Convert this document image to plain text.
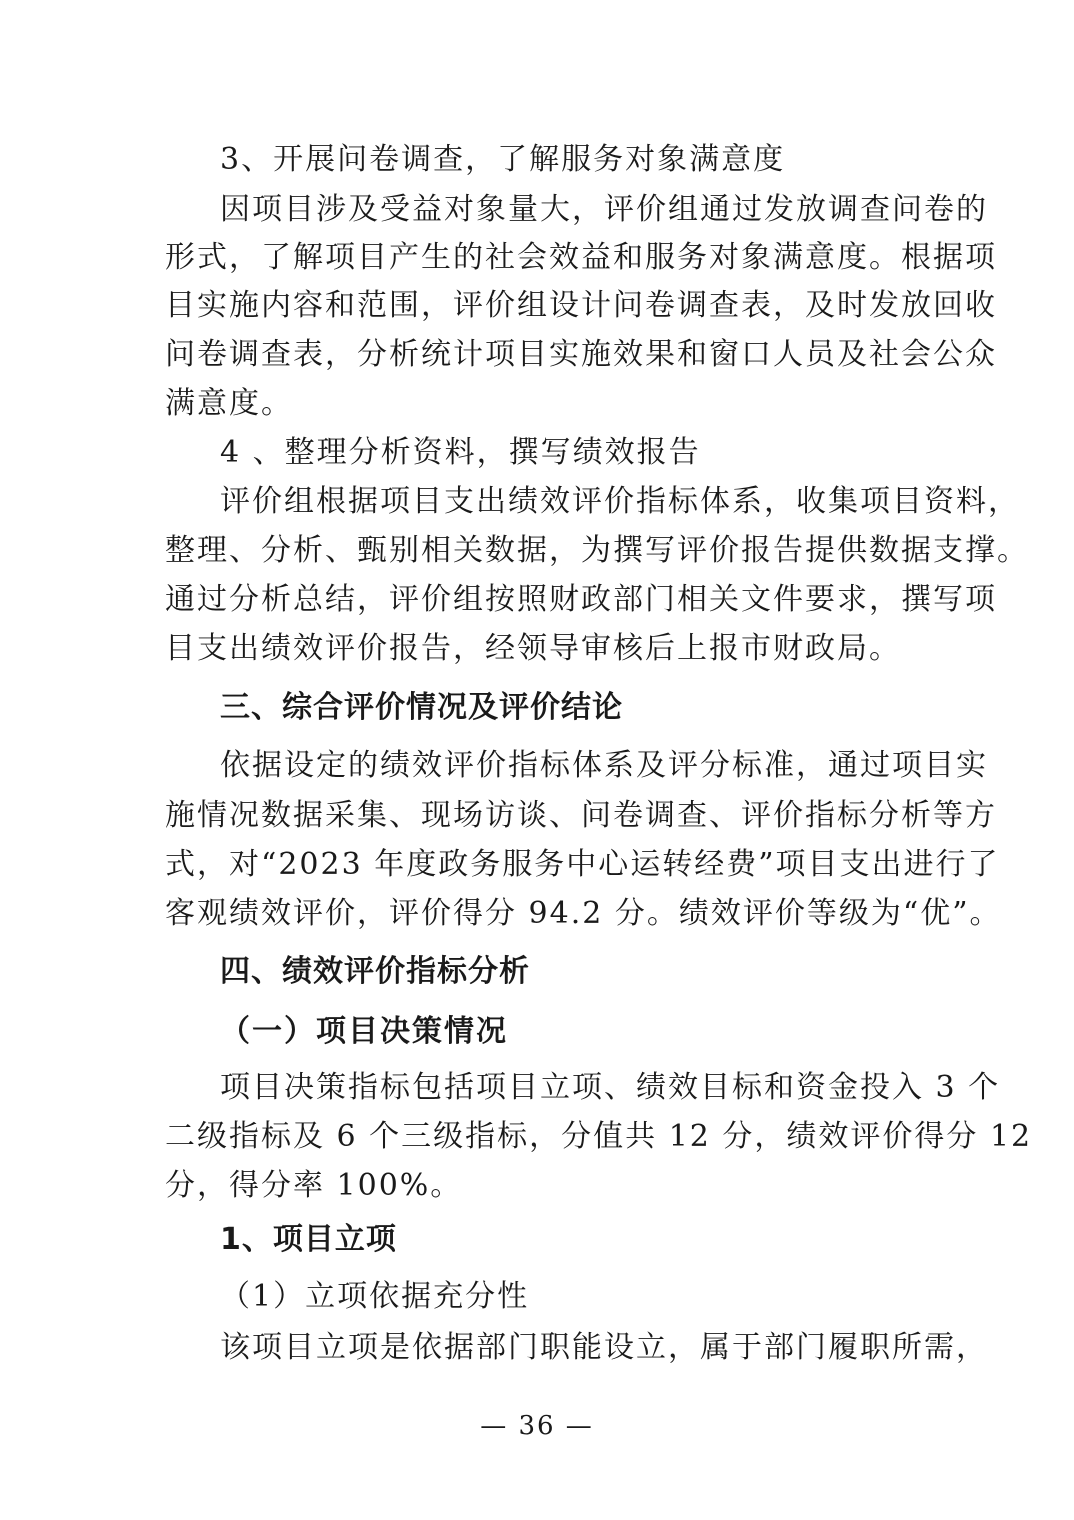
3、开展问卷调查，了解服务对象满意度
因项目涉及受益对象量大，评价组通过发放调查问卷的
形式，了解项目产生的社会效益和服务对象满意度。根据项
目实施内容和范围，评价组设计问卷调查表，及时发放回收
问卷调查表，分析统计项目实施效果和窗口人员及社会公众
满意度。
4 、整理分析资料，撰写绩效报告
评价组根据项目支出绩效评价指标体系，收集项目资料，
整理、分析、甄别相关数据，为撰写评价报告提供数据支撑。
通过分析总结，评价组按照财政部门相关文件要求，撰写项
目支出绩效评价报告，经领导审核后上报市财政局。
三、综合评价情况及评价结论
依据设定的绩效评价指标体系及评分标准，通过项目实
施情况数据采集、现场访谈、问卷调查、评价指标分析等方
式，对“2023 年度政务服务中心运转经费”项目支出进行了
客观绩效评价，评价得分 94.2 分。绩效评价等级为“优”。
四、绩效评价指标分析
（一）项目决策情况
项目决策指标包括项目立项、绩效目标和资金投入 3 个
二级指标及 6 个三级指标，分值共 12 分，绩效评价得分 12
分，得分率 100%。
1、项目立项
（1）立项依据充分性
该项目立项是依据部门职能设立，属于部门履职所需，
— 36 —
